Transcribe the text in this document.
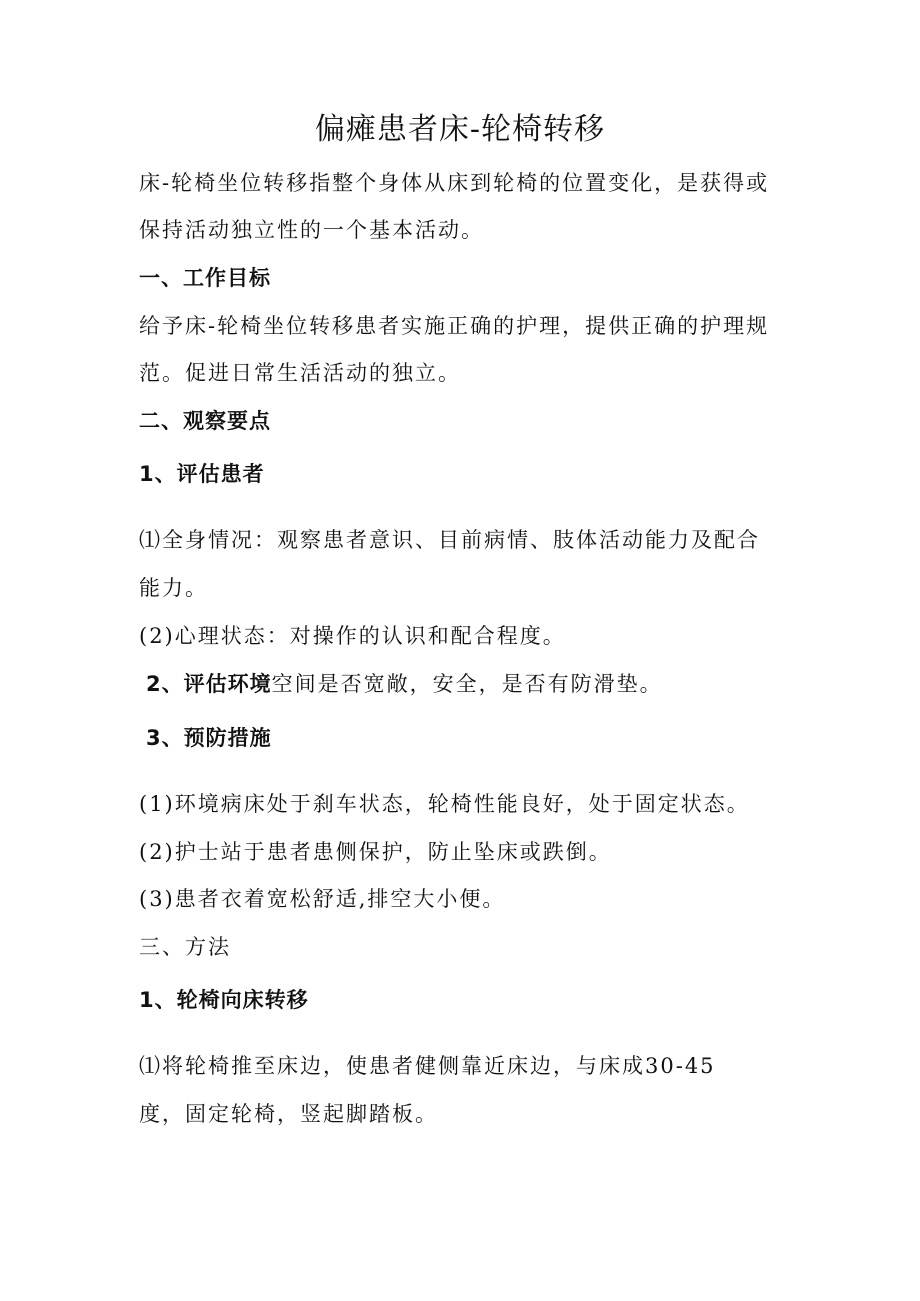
偏瘫患者床-轮椅转移
床-轮椅坐位转移指整个身体从床到轮椅的位置变化，是获得或
保持活动独立性的一个基本活动。
一、工作目标
给予床-轮椅坐位转移患者实施正确的护理，提供正确的护理规
范。促进日常生活活动的独立。
二、观察要点
1、评估患者
⑴全身情况：观察患者意识、目前病情、肢体活动能力及配合
能力。
(2)心理状态：对操作的认识和配合程度。
2、评估环境空间是否宽敞，安全，是否有防滑垫。
3、预防措施
(1)环境病床处于刹车状态，轮椅性能良好，处于固定状态。
(2)护士站于患者患侧保护，防止坠床或跌倒。
(3)患者衣着宽松舒适,排空大小便。
三、方法
1、轮椅向床转移
⑴将轮椅推至床边，使患者健侧靠近床边，与床成30-45
度，固定轮椅，竖起脚踏板。
